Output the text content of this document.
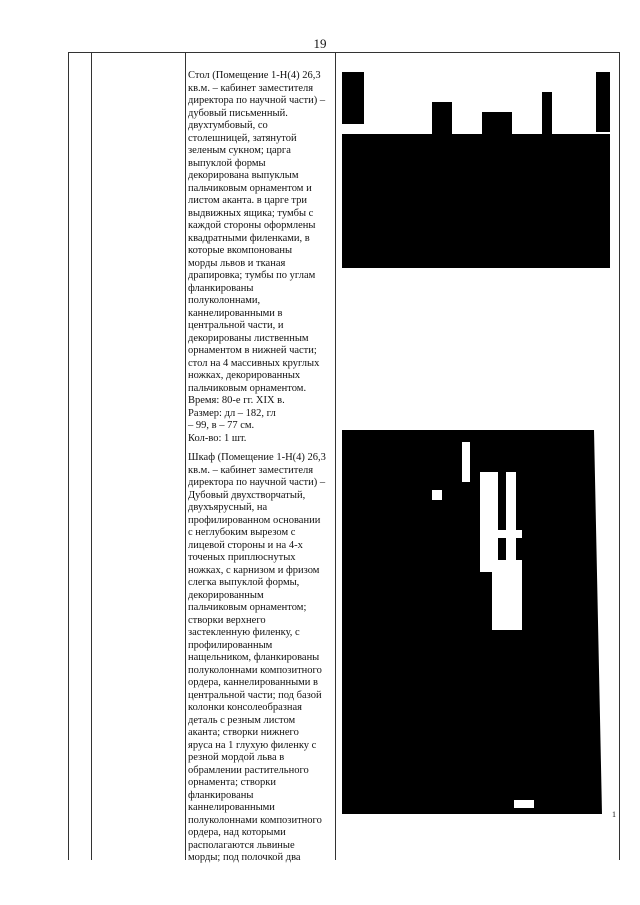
19

Стол (Помещение 1-Н(4) 26,3

кв.м. – кабинет заместителя

директора по научной части) –

дубовый письменный.

двухтумбовый, со

столешницей, затянутой

зеленым сукном; царга

выпуклой формы

декорирована выпуклым

пальчиковым орнаментом и

листом аканта. в царге три

выдвижных ящика; тумбы с

каждой стороны оформлены

квадратными филенками, в

которые вкомпонованы

морды львов и тканая

драпировка; тумбы по углам

фланкированы

полуколоннами,

каннелированными в

центральной части, и

декорированы лиственным

орнаментом в нижней части;

стол на 4 массивных круглых

ножках, декорированных

пальчиковым орнаментом.

Время: 80-е гг. XIX в.

Размер: дл – 182, гл

– 99, в – 77 см.

Кол-во: 1 шт.

Шкаф (Помещение 1-Н(4) 26,3

кв.м. – кабинет заместителя

директора по научной части) –

Дубовый двухстворчатый,

двухъярусный, на

профилированном основании

с неглубоким вырезом с

лицевой стороны и на 4-х

точеных приплюснутых

ножках, с карнизом и фризом

слегка выпуклой формы,

декорированным

пальчиковым орнаментом;

створки верхнего

застекленную филенку, с

профилированным

нащельником, фланкированы

полуколоннами композитного

ордера, каннелированными в

центральной части; под базой

колонки консолеобразная

деталь с резным листом

аканта; створки нижнего

яруса на 1 глухую филенку с

резной мордой льва в

обрамлении растительного

орнамента; створки

фланкированы

каннелированными

полуколоннами композитного

ордера, над которыми

располагаются львиные

морды; под полочкой два

1
